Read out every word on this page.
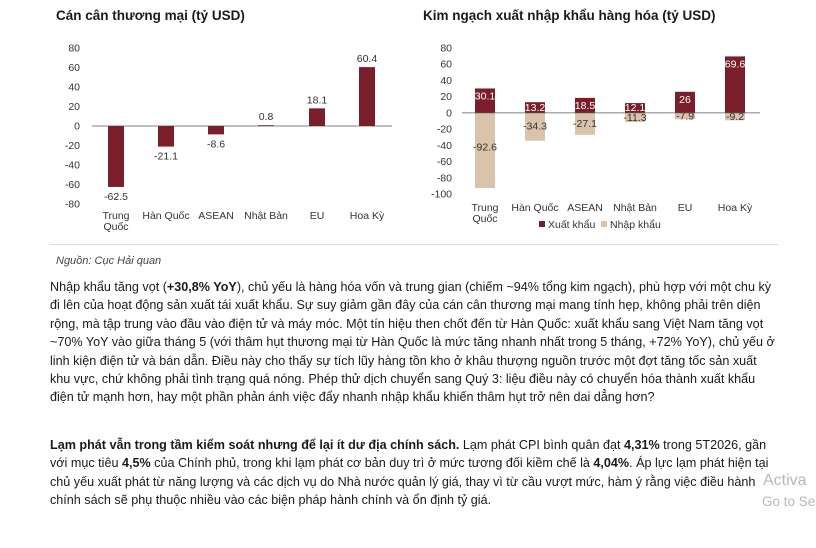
Cán cân thương mại (tỷ USD)	Kim ngạch xuất nhập khẩu hàng hóa (tỷ USD)
80
60
40
20
0
-20
-40
-60
-80
-62.5
Trung
Quốc
-21.1
Hàn Quốc
-8.6
ASEAN
0.8
Nhật Bản
18.1
EU
60.4
Hoa Kỳ
80
60
40
20
0
-20
-40
-60
-80
-100
30.1
-92.6
Trung
Quốc
13.2
-34.3
Hàn Quốc
18.5
-27.1
ASEAN
12.1
-11.3
Nhật Bản
26
-7.9
EU
69.6
-9.2
Hoa Kỳ
Xuất khẩu Nhập khẩu
Nguồn: Cục Hải quan

Nhập khẩu tăng vọt (+30,8% YoY), chủ yếu là hàng hóa vốn và trung gian (chiếm ~94% tổng kim ngạch), phù hợp với một chu kỳ đi lên của hoạt động sản xuất tái xuất khẩu. Sự suy giảm gần đây của cán cân thương mại mang tính hẹp, không phải trên diện rộng, mà tập trung vào đầu vào điện tử và máy móc. Một tín hiệu then chốt đến từ Hàn Quốc: xuất khẩu sang Việt Nam tăng vọt ~70% YoY vào giữa tháng 5 (với thâm hụt thương mại từ Hàn Quốc là mức tăng nhanh nhất trong 5 tháng, +72% YoY), chủ yếu ở linh kiện điện tử và bán dẫn. Điều này cho thấy sự tích lũy hàng tồn kho ở khâu thượng nguồn trước một đợt tăng tốc sản xuất khu vực, chứ không phải tình trạng quá nóng. Phép thử dịch chuyển sang Quý 3: liệu điều này có chuyển hóa thành xuất khẩu điện tử mạnh hơn, hay một phần phản ánh việc đẩy nhanh nhập khẩu khiến thâm hụt trở nên dai dẳng hơn?

Lạm phát vẫn trong tầm kiểm soát nhưng để lại ít dư địa chính sách. Lạm phát CPI bình quân đạt 4,31% trong 5T2026, gần với mục tiêu 4,5% của Chính phủ, trong khi lạm phát cơ bản duy trì ở mức tương đối kiềm chế là 4,04%. Áp lực lạm phát hiện tại chủ yếu xuất phát từ năng lượng và các dịch vụ do Nhà nước quản lý giá, thay vì từ cầu vượt mức, hàm ý rằng việc điều hành chính sách sẽ phụ thuộc nhiều vào các biện pháp hành chính và ổn định tỷ giá.

Activa
Go to Se
